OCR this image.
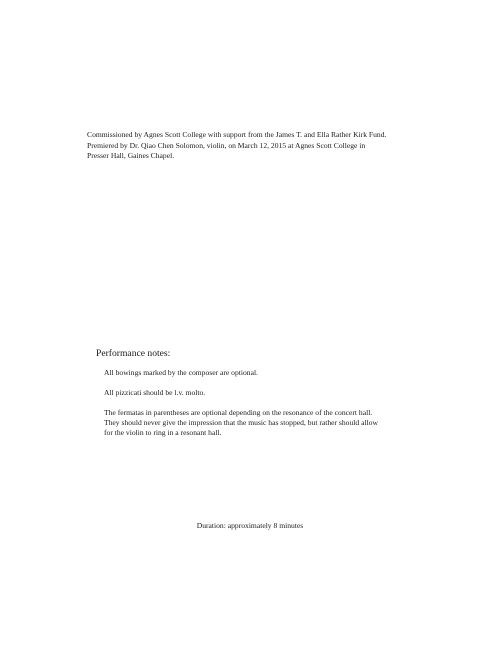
Commissioned by Agnes Scott College with support from the James T. and Ella Rather Kirk Fund.

Premiered by Dr. Qiao Chen Solomon, violin, on March 12, 2015 at Agnes Scott College in

Presser Hall, Gaines Chapel.

Performance notes:

All bowings marked by the composer are optional.

All pizzicati should be l.v. molto.

The fermatas in parentheses are optional depending on the resonance of the concert hall.

They should never give the impression that the music has stopped, but rather should allow

for the violin to ring in a resonant hall.

Duration: approximately 8 minutes
